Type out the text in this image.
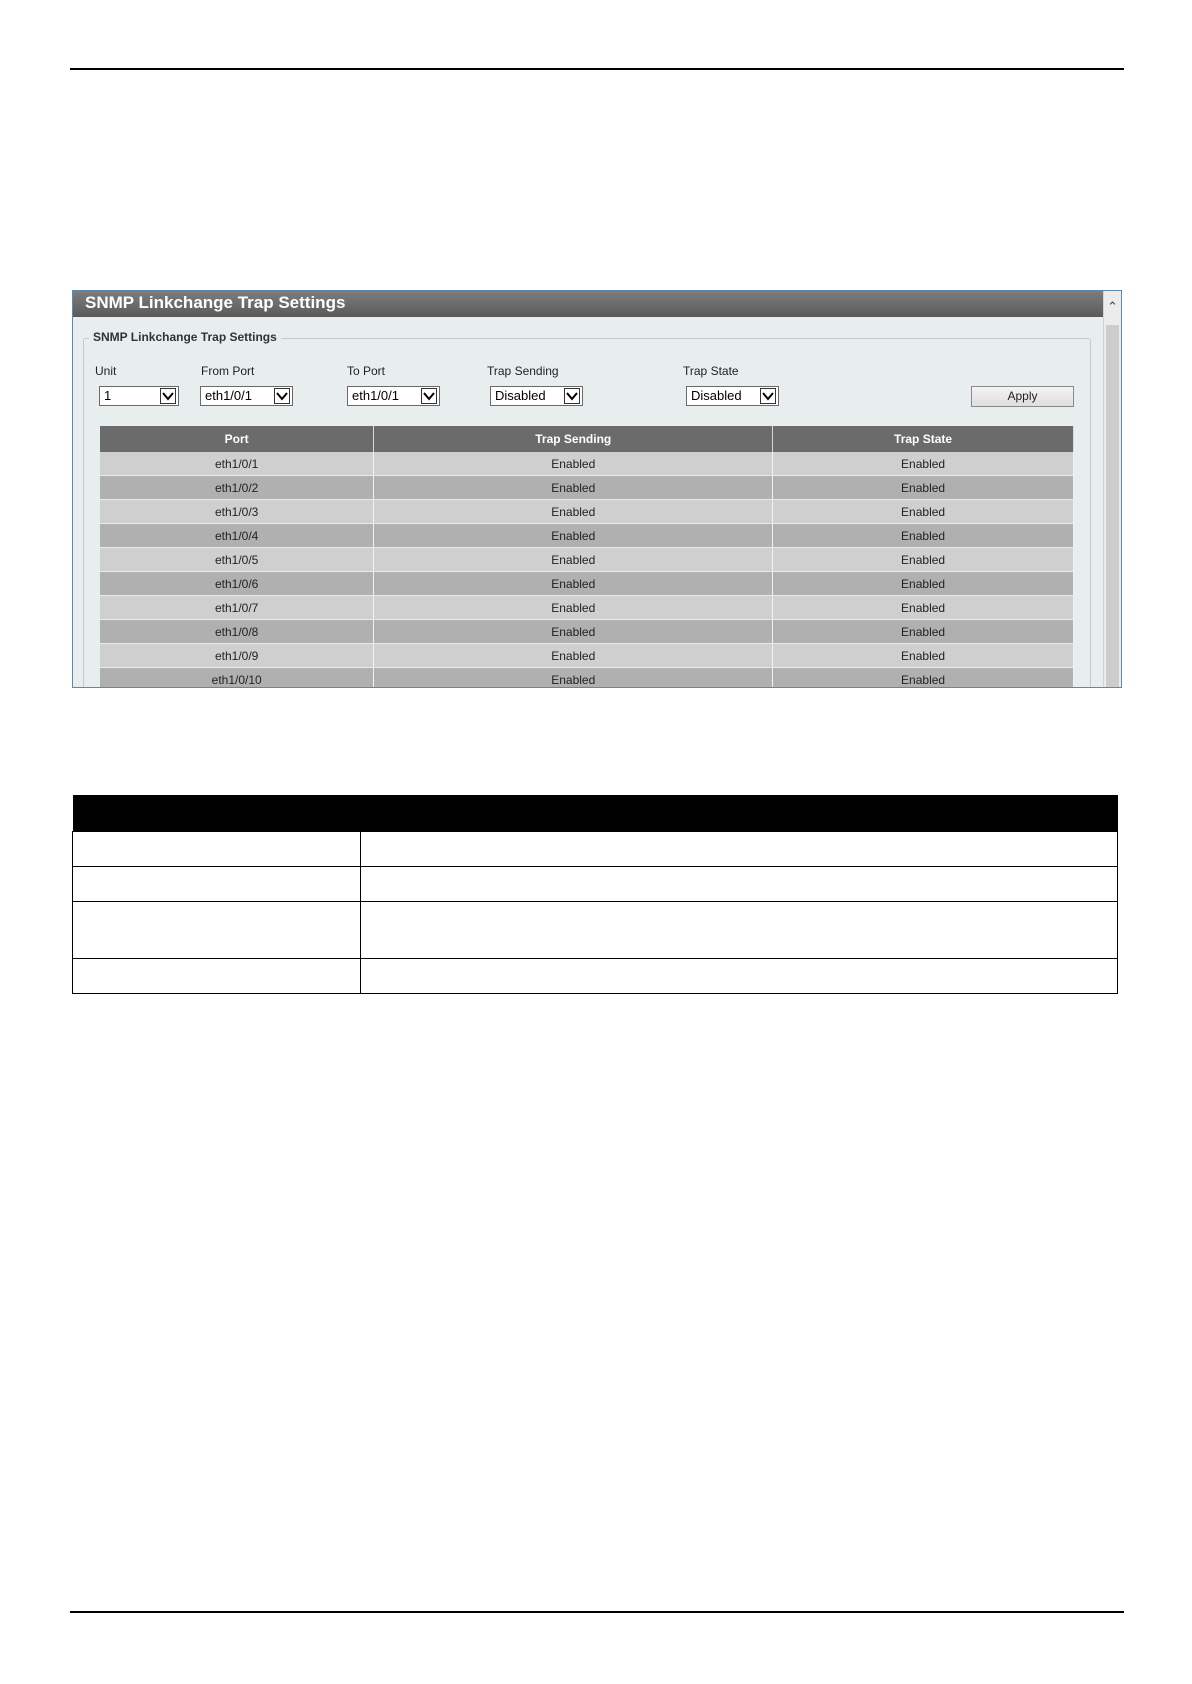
SNMP Linkchange Trap Settings	⌃
SNMP Linkchange Trap Settings
Unit	From Port	To Port	Trap Sending	Trap State
1	eth1/0/1	eth1/0/1	Disabled	Disabled	Apply
Port	Trap Sending	Trap State
eth1/0/1	Enabled	Enabled
eth1/0/2	Enabled	Enabled
eth1/0/3	Enabled	Enabled
eth1/0/4	Enabled	Enabled
eth1/0/5	Enabled	Enabled
eth1/0/6	Enabled	Enabled
eth1/0/7	Enabled	Enabled
eth1/0/8	Enabled	Enabled
eth1/0/9	Enabled	Enabled
eth1/0/10	Enabled	Enabled
